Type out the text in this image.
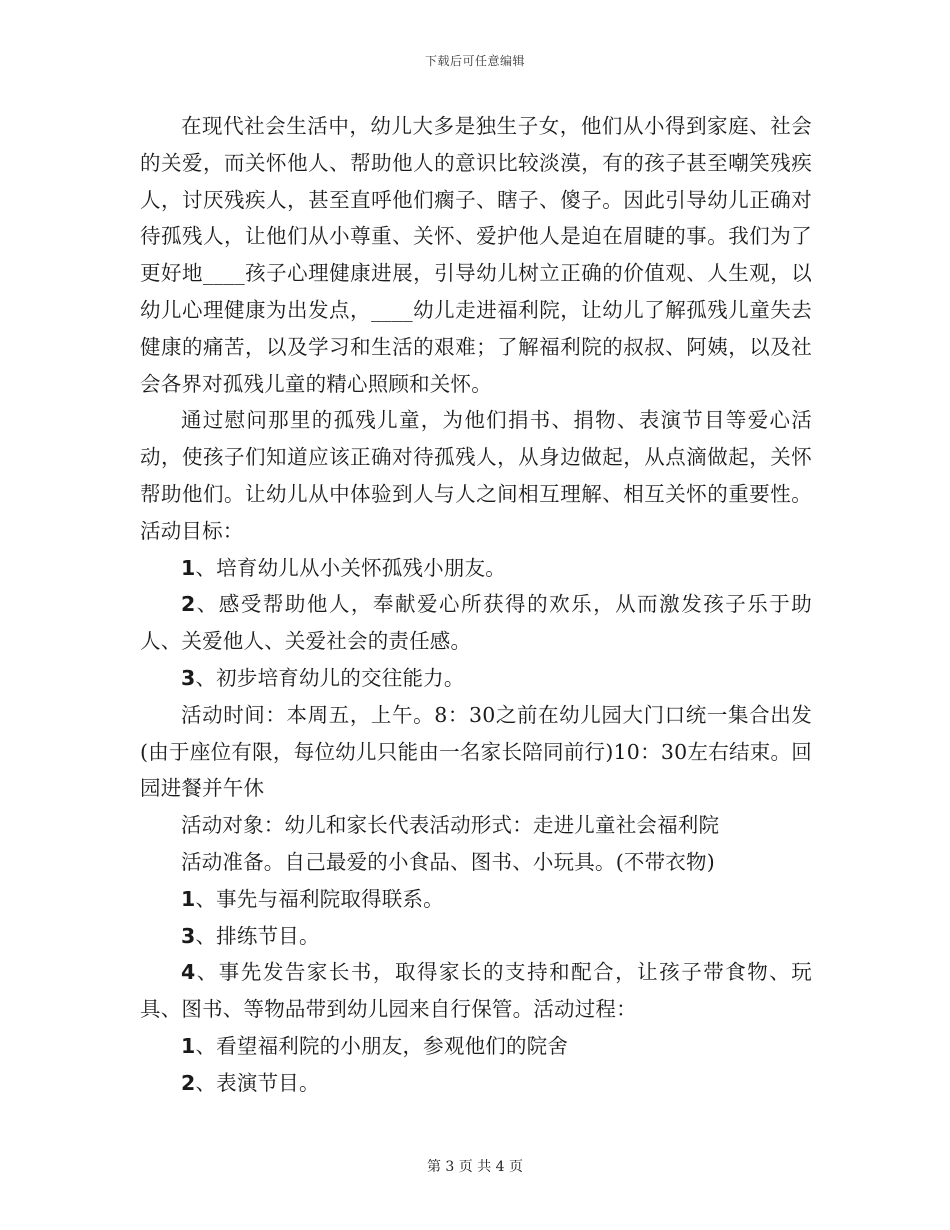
下载后可任意编辑

在现代社会生活中，幼儿大多是独生子女，他们从小得到家庭、社会的关爱，而关怀他人、帮助他人的意识比较淡漠，有的孩子甚至嘲笑残疾人，讨厌残疾人，甚至直呼他们瘸子、瞎子、傻子。因此引导幼儿正确对待孤残人，让他们从小尊重、关怀、爱护他人是迫在眉睫的事。我们为了更好地____孩子心理健康进展，引导幼儿树立正确的价值观、人生观，以幼儿心理健康为出发点，____幼儿走进福利院，让幼儿了解孤残儿童失去健康的痛苦，以及学习和生活的艰难；了解福利院的叔叔、阿姨，以及社会各界对孤残儿童的精心照顾和关怀。

通过慰问那里的孤残儿童，为他们捐书、捐物、表演节目等爱心活动，使孩子们知道应该正确对待孤残人，从身边做起，从点滴做起，关怀帮助他们。让幼儿从中体验到人与人之间相互理解、相互关怀的重要性。活动目标：

1、培育幼儿从小关怀孤残小朋友。

2、感受帮助他人，奉献爱心所获得的欢乐，从而激发孩子乐于助人、关爱他人、关爱社会的责任感。

3、初步培育幼儿的交往能力。

活动时间：本周五，上午。8：30之前在幼儿园大门口统一集合出发(由于座位有限，每位幼儿只能由一名家长陪同前行)10：30左右结束。回园进餐并午休

活动对象：幼儿和家长代表活动形式：走进儿童社会福利院

活动准备。自己最爱的小食品、图书、小玩具。(不带衣物)

1、事先与福利院取得联系。

3、排练节目。

4、事先发告家长书，取得家长的支持和配合，让孩子带食物、玩具、图书、等物品带到幼儿园来自行保管。活动过程：

1、看望福利院的小朋友，参观他们的院舍

2、表演节目。

第 3 页 共 4 页
